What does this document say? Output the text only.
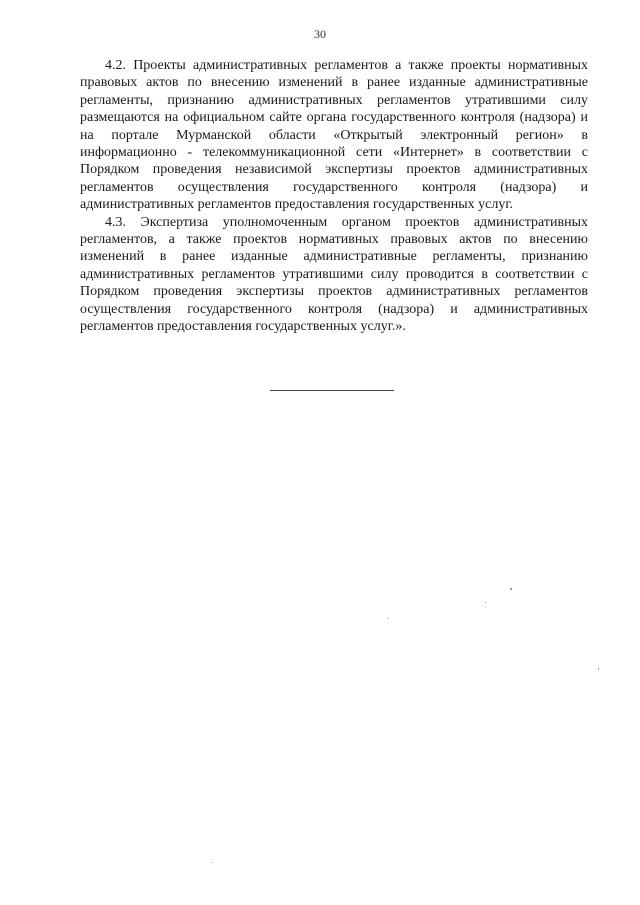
30

4.2. Проекты административных регламентов а также проекты нормативных правовых актов по внесению изменений в ранее изданные административные регламенты, признанию административных регламентов утратившими силу размещаются на официальном сайте органа государственного контроля (надзора) и на портале Мурманской области «Открытый электронный регион» в информационно - телекоммуникационной сети «Интернет» в соответствии с Порядком проведения независимой экспертизы проектов административных регламентов осуществления государственного контроля (надзора) и административных регламентов предоставления государственных услуг.

4.3. Экспертиза уполномоченным органом проектов административных регламентов, а также проектов нормативных правовых актов по внесению изменений в ранее изданные административные регламенты, признанию административных регламентов утратившими силу проводится в соответствии с Порядком проведения экспертизы проектов административных регламентов осуществления государственного контроля (надзора) и административных регламентов предоставления государственных услуг.».
